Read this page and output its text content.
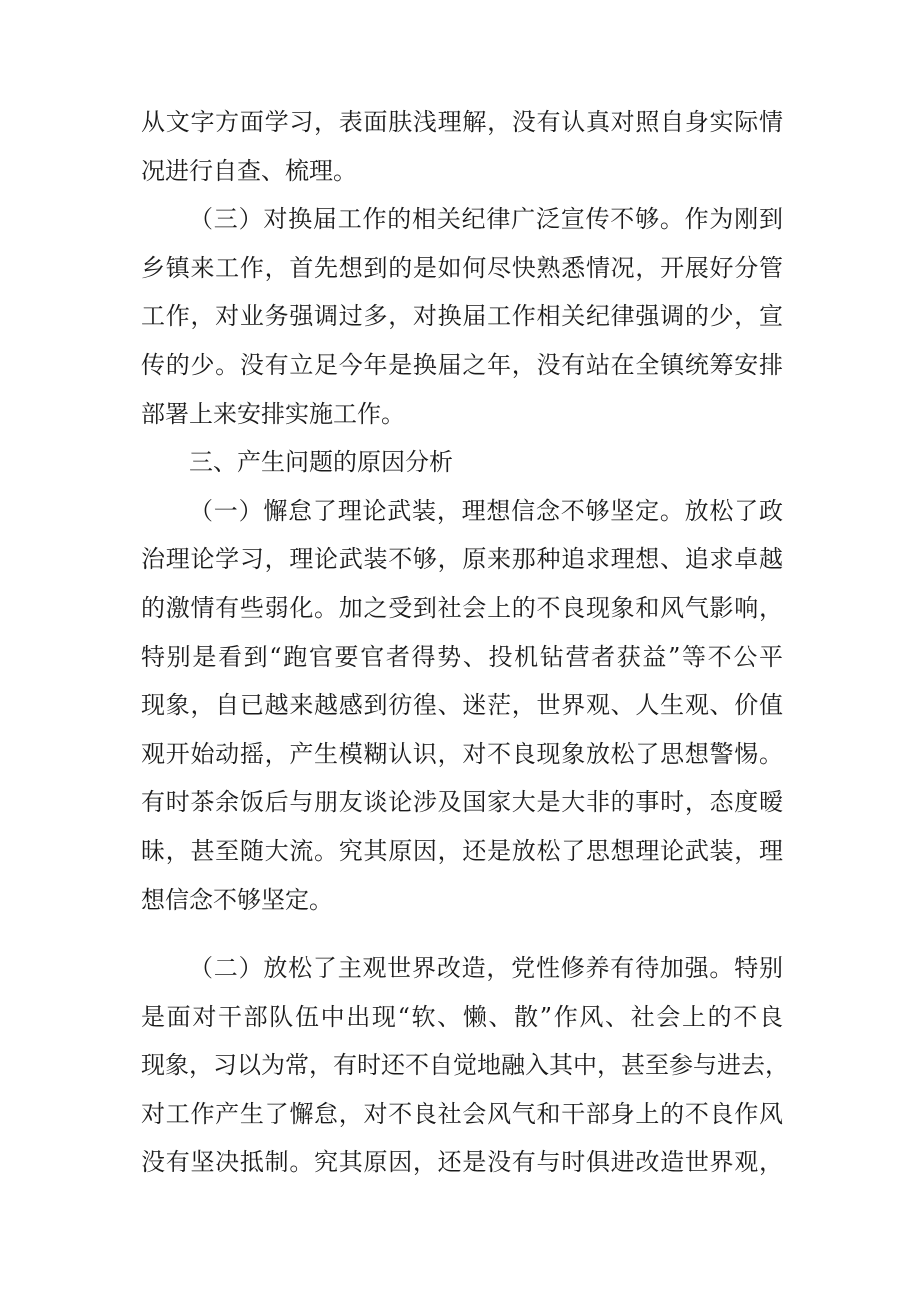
从文字方面学习，表面肤浅理解，没有认真对照自身实际情
况进行自查、梳理。
（三）对换届工作的相关纪律广泛宣传不够。作为刚到
乡镇来工作，首先想到的是如何尽快熟悉情况，开展好分管
工作，对业务强调过多，对换届工作相关纪律强调的少，宣
传的少。没有立足今年是换届之年，没有站在全镇统筹安排
部署上来安排实施工作。
三、产生问题的原因分析
（一）懈怠了理论武装，理想信念不够坚定。放松了政
治理论学习，理论武装不够，原来那种追求理想、追求卓越
的激情有些弱化。加之受到社会上的不良现象和风气影响，
特别是看到“跑官要官者得势、投机钻营者获益”等不公平
现象，自已越来越感到彷徨、迷茫，世界观、人生观、价值
观开始动摇，产生模糊认识，对不良现象放松了思想警惕。
有时茶余饭后与朋友谈论涉及国家大是大非的事时，态度暧
昧，甚至随大流。究其原因，还是放松了思想理论武装，理
想信念不够坚定。
（二）放松了主观世界改造，党性修养有待加强。特别
是面对干部队伍中出现“软、懒、散”作风、社会上的不良
现象，习以为常，有时还不自觉地融入其中，甚至参与进去，
对工作产生了懈怠，对不良社会风气和干部身上的不良作风
没有坚决抵制。究其原因，还是没有与时俱进改造世界观，
